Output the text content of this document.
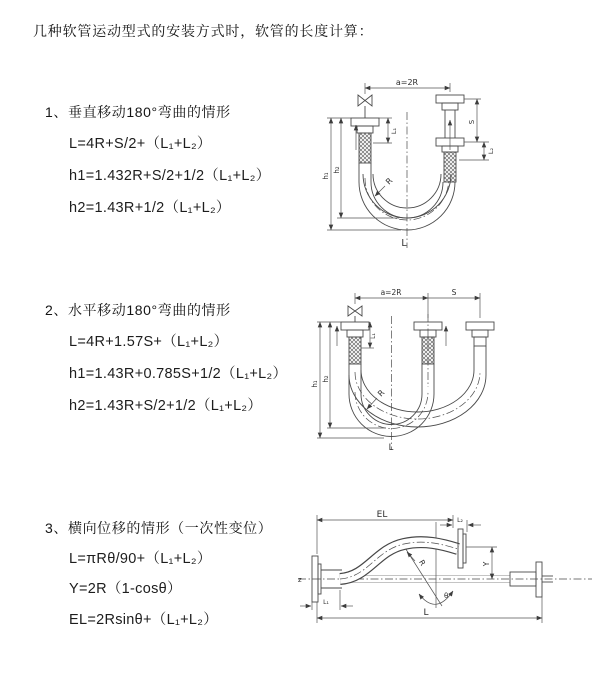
几种软管运动型式的安装方式时，软管的长度计算：
1、垂直移动180°弯曲的情形
L=4R+S/2+（L₁+L₂）
h1=1.432R+S/2+1/2（L₁+L₂）
h2=1.43R+1/2（L₁+L₂）
2、水平移动180°弯曲的情形
L=4R+1.57S+（L₁+L₂）
h1=1.43R+0.785S+1/2（L₁+L₂）
h2=1.43R+S/2+1/2（L₁+L₂）
3、横向位移的情形（一次性变位）
L=πRθ/90+（L₁+L₂）
Y=2R（1-cosθ）
EL=2Rsinθ+（L₁+L₂）
a=2R
R
L
h₁
h₂
S
L₂
L₁
a=2R	S
h₁
h₂
R
L
L₁
z
θ
R
EL
L₂
Y
L
L₁
